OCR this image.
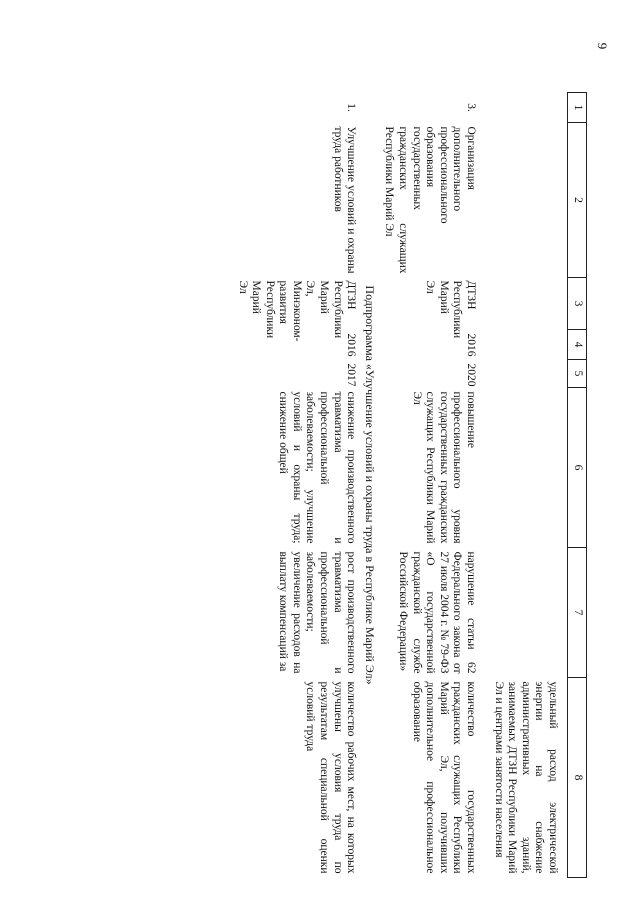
9
1	2	3	4	5	6	7	8
							удельный расход электрической энергии на снабжение административных зданий, занимаемых ДТЗН Республики Марий Эл и центрами занятости населения
3.	Организация дополнительного профессионального образования государственных гражданских служащих Республики Марий Эл	ДТЗН Республики Марий Эл	2016	2020	повышение профессионального уровня государственных гражданских служащих Республики Марий Эл	нарушение статьи 62 Федерального закона от 27 июля 2004 г. № 79-ФЗ «О государственной гражданской службе Российской Федерации»	количество государственных гражданских служащих Республики Марий Эл, получивших дополнительное профессиональное образование
Подпрограмма «Улучшение условий и охраны труда в Республике Марий Эл»							
1.	Улучшение условий и охраны труда работников	ДТЗН Республики Марий Эл, Минэконом-развития Республики Марий Эл	2016	2017	снижение производственного травматизма и профессиональной заболеваемости; улучшение условий и охраны труда; снижение общей	рост производственного травматизма и профессиональной заболеваемости; увеличение расходов на выплату компенсаций за	количество рабочих мест, на которых улучшены условия труда по результатам специальной оценки условий труда
